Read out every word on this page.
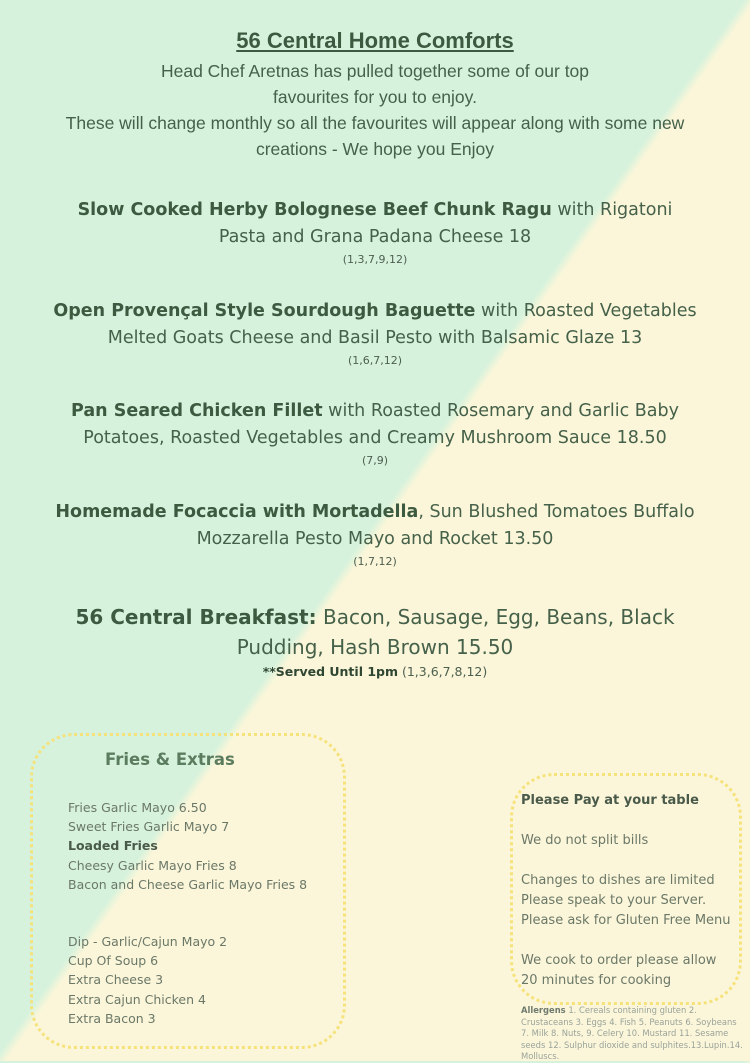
56 Central Home Comforts
Head Chef Aretnas has pulled together some of our top
favourites for you to enjoy.
These will change monthly so all the favourites will appear along with some new
creations - We hope you Enjoy
Slow Cooked Herby Bolognese Beef Chunk Ragu with Rigatoni
Pasta and Grana Padana Cheese 18
(1,3,7,9,12)
Open Provençal Style Sourdough Baguette with Roasted Vegetables
Melted Goats Cheese and Basil Pesto with Balsamic Glaze 13
(1,6,7,12)
Pan Seared Chicken Fillet with Roasted Rosemary and Garlic Baby
Potatoes, Roasted Vegetables and Creamy Mushroom Sauce 18.50
(7,9)
Homemade Focaccia with Mortadella, Sun Blushed Tomatoes Buffalo
Mozzarella Pesto Mayo and Rocket 13.50
(1,7,12)
56 Central Breakfast: Bacon, Sausage, Egg, Beans, Black
Pudding, Hash Brown 15.50
**Served Until 1pm (1,3,6,7,8,12)
Fries & Extras
Fries Garlic Mayo 6.50
Sweet Fries Garlic Mayo 7
Loaded Fries
Cheesy Garlic Mayo Fries 8
Bacon and Cheese Garlic Mayo Fries 8
Dip - Garlic/Cajun Mayo 2
Cup Of Soup 6
Extra Cheese 3
Extra Cajun Chicken 4
Extra Bacon 3
Please Pay at your table
We do not split bills
Changes to dishes are limited
Please speak to your Server.
Please ask for Gluten Free Menu
We cook to order please allow
20 minutes for cooking
Allergens 1. Cereals containing gluten 2. Crustaceans 3. Eggs 4. Fish 5. Peanuts 6. Soybeans 7. Milk 8. Nuts, 9. Celery 10. Mustard 11. Sesame seeds 12. Sulphur dioxide and sulphites.13.Lupin.14. Molluscs.
